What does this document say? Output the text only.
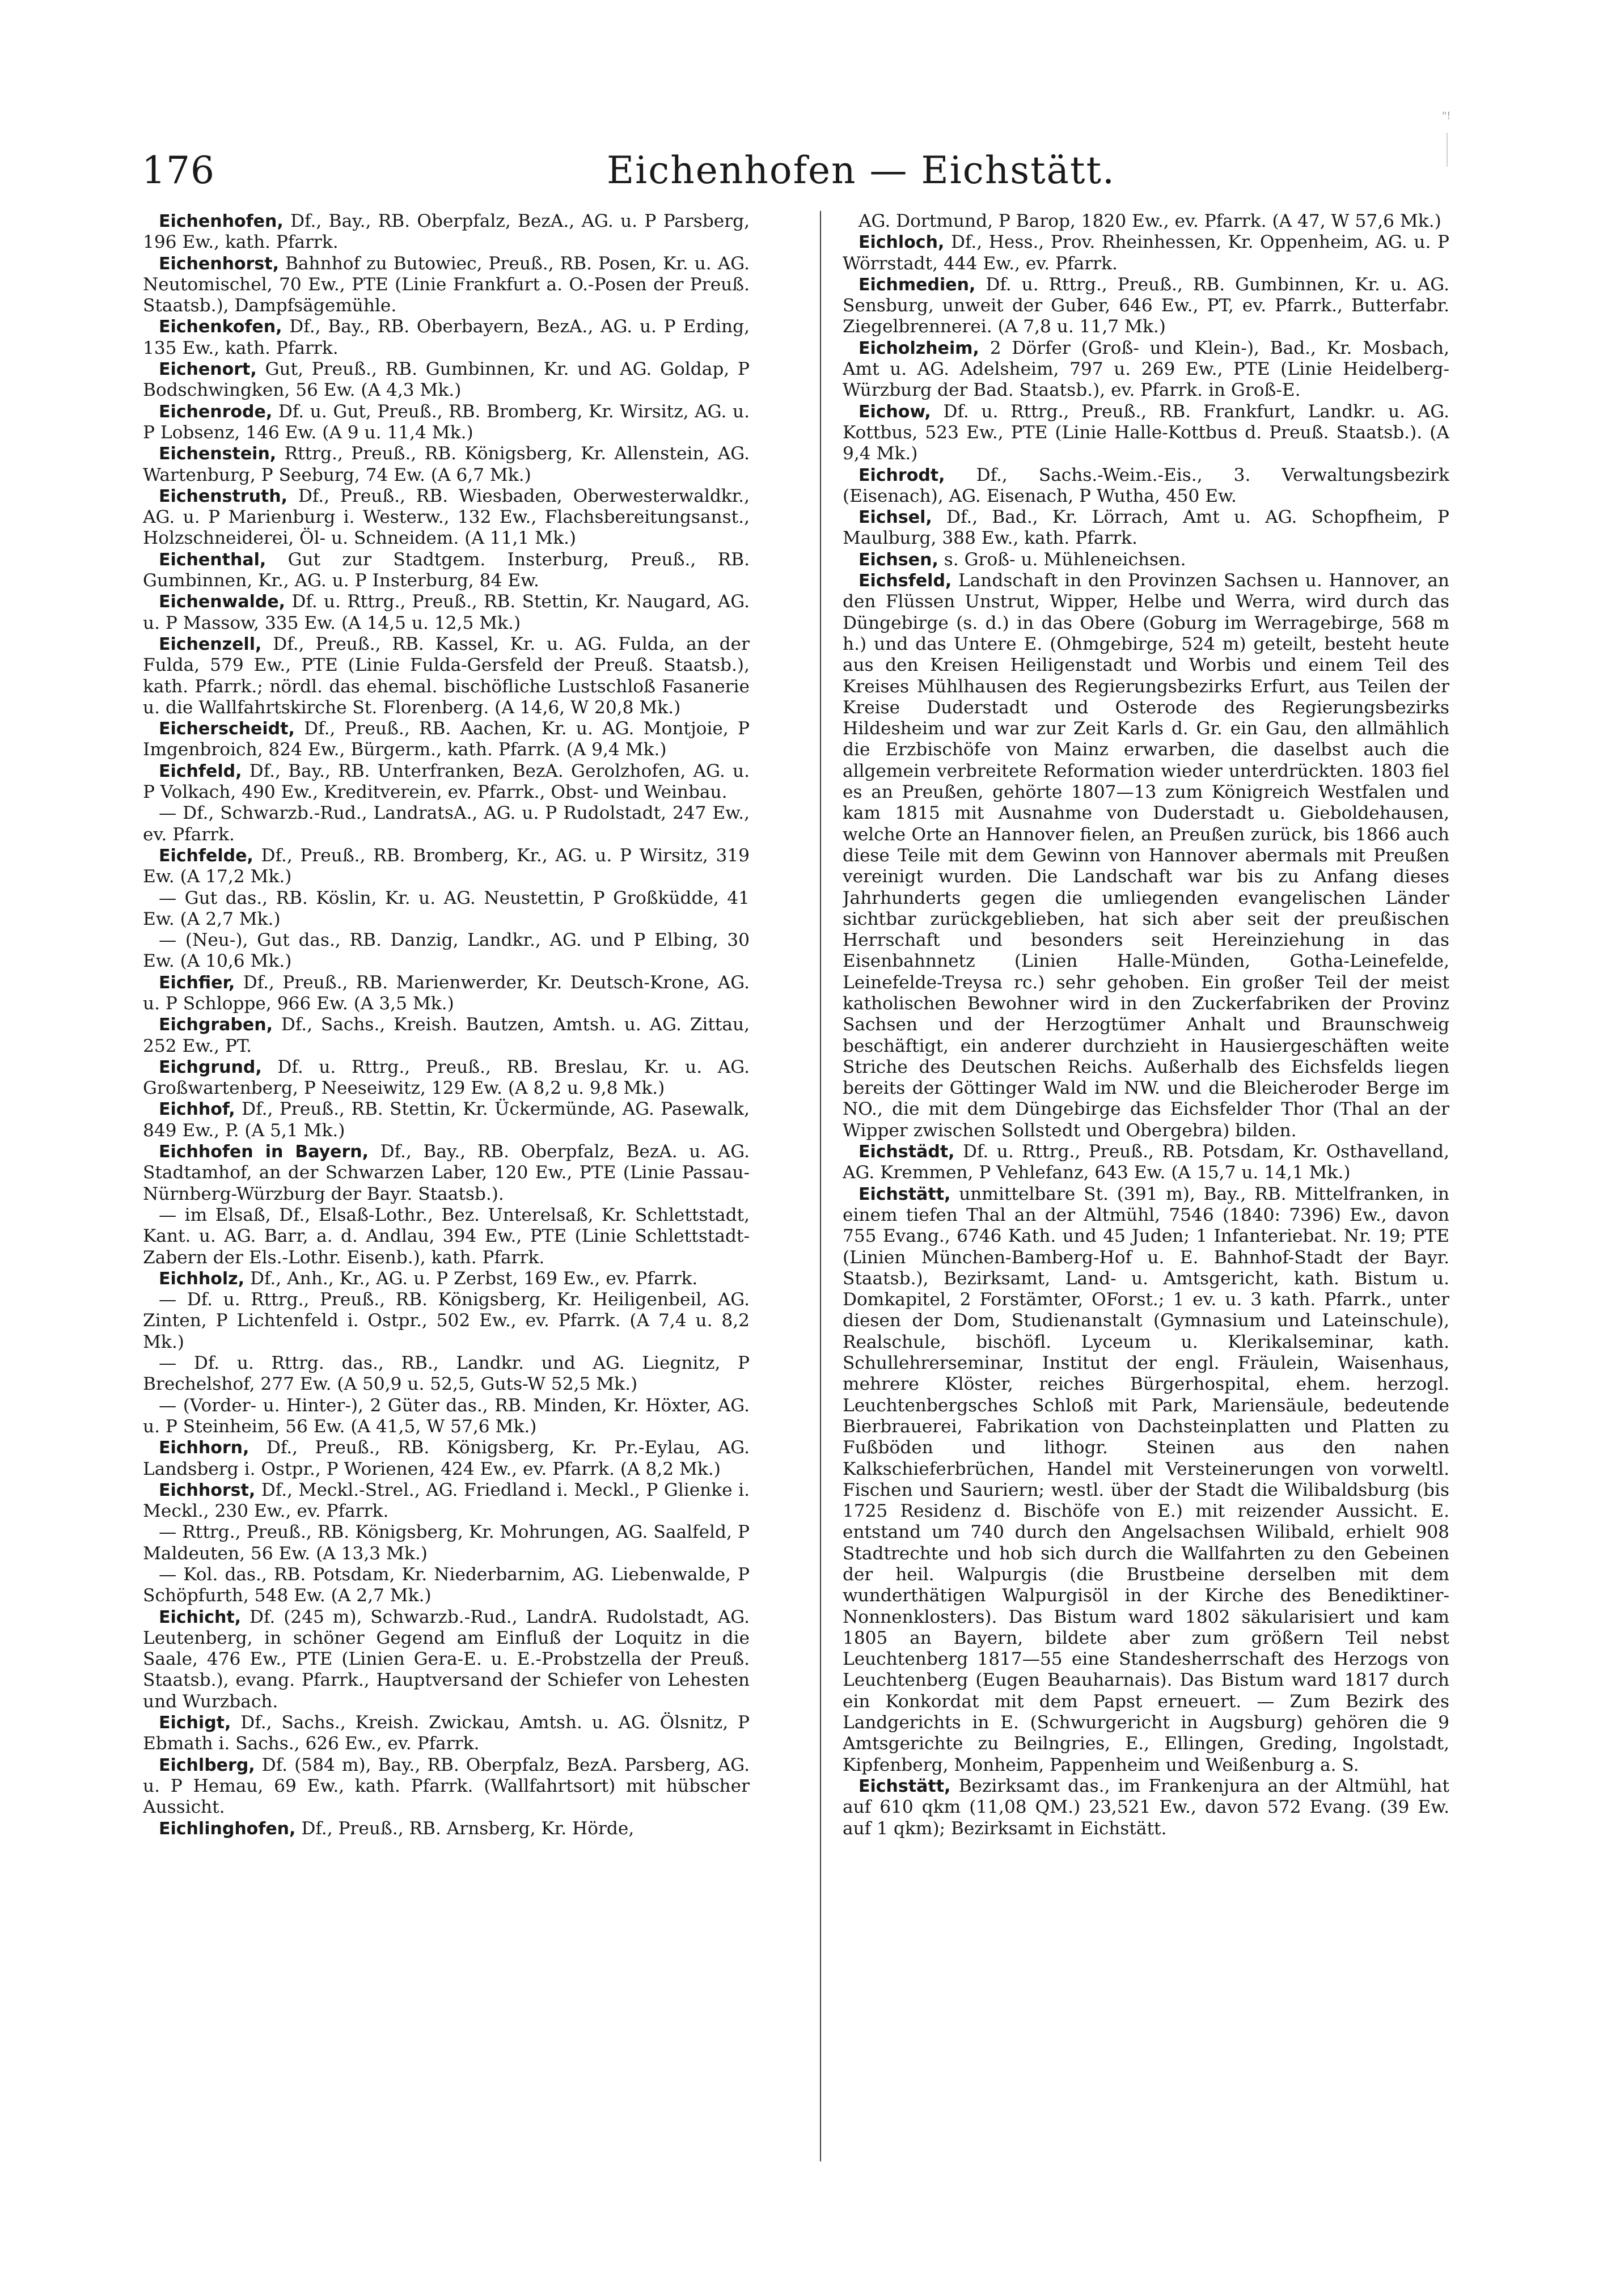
176	Eichenhofen — Eichstätt.
"!

Eichenhofen, Df., Bay., RB. Oberpfalz, BezA., AG. u. P Parsberg, 196 Ew., kath. Pfarrk.

Eichenhorst, Bahnhof zu Butowiec, Preuß., RB. Posen, Kr. u. AG. Neutomischel, 70 Ew., PTE (Linie Frankfurt a. O.-Posen der Preuß. Staatsb.), Dampfsägemühle.

Eichenkofen, Df., Bay., RB. Oberbayern, BezA., AG. u. P Erding, 135 Ew., kath. Pfarrk.

Eichenort, Gut, Preuß., RB. Gumbinnen, Kr. und AG. Goldap, P Bodschwingken, 56 Ew. (A 4,3 Mk.)

Eichenrode, Df. u. Gut, Preuß., RB. Bromberg, Kr. Wirsitz, AG. u. P Lobsenz, 146 Ew. (A 9 u. 11,4 Mk.)

Eichenstein, Rttrg., Preuß., RB. Königsberg, Kr. Allenstein, AG. Wartenburg, P Seeburg, 74 Ew. (A 6,7 Mk.)

Eichenstruth, Df., Preuß., RB. Wiesbaden, Oberwesterwaldkr., AG. u. P Marienburg i. Westerw., 132 Ew., Flachsbereitungsanst., Holzschneiderei, Öl- u. Schneidem. (A 11,1 Mk.)

Eichenthal, Gut zur Stadtgem. Insterburg, Preuß., RB. Gumbinnen, Kr., AG. u. P Insterburg, 84 Ew.

Eichenwalde, Df. u. Rttrg., Preuß., RB. Stettin, Kr. Naugard, AG. u. P Massow, 335 Ew. (A 14,5 u. 12,5 Mk.)

Eichenzell, Df., Preuß., RB. Kassel, Kr. u. AG. Fulda, an der Fulda, 579 Ew., PTE (Linie Fulda-Gersfeld der Preuß. Staatsb.), kath. Pfarrk.; nördl. das ehemal. bischöfliche Lustschloß Fasanerie u. die Wallfahrtskirche St. Florenberg. (A 14,6, W 20,8 Mk.)

Eicherscheidt, Df., Preuß., RB. Aachen, Kr. u. AG. Montjoie, P Imgenbroich, 824 Ew., Bürgerm., kath. Pfarrk. (A 9,4 Mk.)

Eichfeld, Df., Bay., RB. Unterfranken, BezA. Gerolzhofen, AG. u. P Volkach, 490 Ew., Kreditverein, ev. Pfarrk., Obst- und Weinbau.

— Df., Schwarzb.-Rud., LandratsA., AG. u. P Rudolstadt, 247 Ew., ev. Pfarrk.

Eichfelde, Df., Preuß., RB. Bromberg, Kr., AG. u. P Wirsitz, 319 Ew. (A 17,2 Mk.)

— Gut das., RB. Köslin, Kr. u. AG. Neustettin, P Großküdde, 41 Ew. (A 2,7 Mk.)

— (Neu-), Gut das., RB. Danzig, Landkr., AG. und P Elbing, 30 Ew. (A 10,6 Mk.)

Eichfier, Df., Preuß., RB. Marienwerder, Kr. Deutsch-Krone, AG. u. P Schloppe, 966 Ew. (A 3,5 Mk.)

Eichgraben, Df., Sachs., Kreish. Bautzen, Amtsh. u. AG. Zittau, 252 Ew., PT.

Eichgrund, Df. u. Rttrg., Preuß., RB. Breslau, Kr. u. AG. Großwartenberg, P Neeseiwitz, 129 Ew. (A 8,2 u. 9,8 Mk.)

Eichhof, Df., Preuß., RB. Stettin, Kr. Ückermünde, AG. Pasewalk, 849 Ew., P. (A 5,1 Mk.)

Eichhofen in Bayern, Df., Bay., RB. Oberpfalz, BezA. u. AG. Stadtamhof, an der Schwarzen Laber, 120 Ew., PTE (Linie Passau-Nürnberg-Würzburg der Bayr. Staatsb.).

— im Elsaß, Df., Elsaß-Lothr., Bez. Unterelsaß, Kr. Schlettstadt, Kant. u. AG. Barr, a. d. Andlau, 394 Ew., PTE (Linie Schlettstadt-Zabern der Els.-Lothr. Eisenb.), kath. Pfarrk.

Eichholz, Df., Anh., Kr., AG. u. P Zerbst, 169 Ew., ev. Pfarrk.

— Df. u. Rttrg., Preuß., RB. Königsberg, Kr. Heiligenbeil, AG. Zinten, P Lichtenfeld i. Ostpr., 502 Ew., ev. Pfarrk. (A 7,4 u. 8,2 Mk.)

— Df. u. Rttrg. das., RB., Landkr. und AG. Liegnitz, P Brechelshof, 277 Ew. (A 50,9 u. 52,5, Guts-W 52,5 Mk.)

— (Vorder- u. Hinter-), 2 Güter das., RB. Minden, Kr. Höxter, AG. u. P Steinheim, 56 Ew. (A 41,5, W 57,6 Mk.)

Eichhorn, Df., Preuß., RB. Königsberg, Kr. Pr.-Eylau, AG. Landsberg i. Ostpr., P Worienen, 424 Ew., ev. Pfarrk. (A 8,2 Mk.)

Eichhorst, Df., Meckl.-Strel., AG. Friedland i. Meckl., P Glienke i. Meckl., 230 Ew., ev. Pfarrk.

— Rttrg., Preuß., RB. Königsberg, Kr. Mohrungen, AG. Saalfeld, P Maldeuten, 56 Ew. (A 13,3 Mk.)

— Kol. das., RB. Potsdam, Kr. Niederbarnim, AG. Liebenwalde, P Schöpfurth, 548 Ew. (A 2,7 Mk.)

Eichicht, Df. (245 m), Schwarzb.-Rud., LandrA. Rudolstadt, AG. Leutenberg, in schöner Gegend am Einfluß der Loquitz in die Saale, 476 Ew., PTE (Linien Gera-E. u. E.-Probstzella der Preuß. Staatsb.), evang. Pfarrk., Hauptversand der Schiefer von Lehesten und Wurzbach.

Eichigt, Df., Sachs., Kreish. Zwickau, Amtsh. u. AG. Ölsnitz, P Ebmath i. Sachs., 626 Ew., ev. Pfarrk.

Eichlberg, Df. (584 m), Bay., RB. Oberpfalz, BezA. Parsberg, AG. u. P Hemau, 69 Ew., kath. Pfarrk. (Wallfahrtsort) mit hübscher Aussicht.

Eichlinghofen, Df., Preuß., RB. Arnsberg, Kr. Hörde,

AG. Dortmund, P Barop, 1820 Ew., ev. Pfarrk. (A 47, W 57,6 Mk.)

Eichloch, Df., Hess., Prov. Rheinhessen, Kr. Oppenheim, AG. u. P Wörrstadt, 444 Ew., ev. Pfarrk.

Eichmedien, Df. u. Rttrg., Preuß., RB. Gumbinnen, Kr. u. AG. Sensburg, unweit der Guber, 646 Ew., PT, ev. Pfarrk., Butterfabr. Ziegelbrennerei. (A 7,8 u. 11,7 Mk.)

Eicholzheim, 2 Dörfer (Groß- und Klein-), Bad., Kr. Mosbach, Amt u. AG. Adelsheim, 797 u. 269 Ew., PTE (Linie Heidelberg-Würzburg der Bad. Staatsb.), ev. Pfarrk. in Groß-E.

Eichow, Df. u. Rttrg., Preuß., RB. Frankfurt, Landkr. u. AG. Kottbus, 523 Ew., PTE (Linie Halle-Kottbus d. Preuß. Staatsb.). (A 9,4 Mk.)

Eichrodt, Df., Sachs.-Weim.-Eis., 3. Verwaltungsbezirk (Eisenach), AG. Eisenach, P Wutha, 450 Ew.

Eichsel, Df., Bad., Kr. Lörrach, Amt u. AG. Schopfheim, P Maulburg, 388 Ew., kath. Pfarrk.

Eichsen, s. Groß- u. Mühleneichsen.

Eichsfeld, Landschaft in den Provinzen Sachsen u. Hannover, an den Flüssen Unstrut, Wipper, Helbe und Werra, wird durch das Düngebirge (s. d.) in das Obere (Goburg im Werragebirge, 568 m h.) und das Untere E. (Ohmgebirge, 524 m) geteilt, besteht heute aus den Kreisen Heiligenstadt und Worbis und einem Teil des Kreises Mühlhausen des Regierungsbezirks Erfurt, aus Teilen der Kreise Duderstadt und Osterode des Regierungsbezirks Hildesheim und war zur Zeit Karls d. Gr. ein Gau, den allmählich die Erzbischöfe von Mainz erwarben, die daselbst auch die allgemein verbreitete Reformation wieder unterdrückten. 1803 fiel es an Preußen, gehörte 1807—13 zum Königreich Westfalen und kam 1815 mit Ausnahme von Duderstadt u. Gieboldehausen, welche Orte an Hannover fielen, an Preußen zurück, bis 1866 auch diese Teile mit dem Gewinn von Hannover abermals mit Preußen vereinigt wurden. Die Landschaft war bis zu Anfang dieses Jahrhunderts gegen die umliegenden evangelischen Länder sichtbar zurückgeblieben, hat sich aber seit der preußischen Herrschaft und besonders seit Hereinziehung in das Eisenbahnnetz (Linien Halle-Münden, Gotha-Leinefelde, Leinefelde-Treysa rc.) sehr gehoben. Ein großer Teil der meist katholischen Bewohner wird in den Zuckerfabriken der Provinz Sachsen und der Herzogtümer Anhalt und Braunschweig beschäftigt, ein anderer durchzieht in Hausiergeschäften weite Striche des Deutschen Reichs. Außerhalb des Eichsfelds liegen bereits der Göttinger Wald im NW. und die Bleicheroder Berge im NO., die mit dem Düngebirge das Eichsfelder Thor (Thal an der Wipper zwischen Sollstedt und Obergebra) bilden.

Eichstädt, Df. u. Rttrg., Preuß., RB. Potsdam, Kr. Osthavelland, AG. Kremmen, P Vehlefanz, 643 Ew. (A 15,7 u. 14,1 Mk.)

Eichstätt, unmittelbare St. (391 m), Bay., RB. Mittelfranken, in einem tiefen Thal an der Altmühl, 7546 (1840: 7396) Ew., davon 755 Evang., 6746 Kath. und 45 Juden; 1 Infanteriebat. Nr. 19; PTE (Linien München-Bamberg-Hof u. E. Bahnhof-Stadt der Bayr. Staatsb.), Bezirksamt, Land- u. Amtsgericht, kath. Bistum u. Domkapitel, 2 Forstämter, OForst.; 1 ev. u. 3 kath. Pfarrk., unter diesen der Dom, Studienanstalt (Gymnasium und Lateinschule), Realschule, bischöfl. Lyceum u. Klerikalseminar, kath. Schullehrerseminar, Institut der engl. Fräulein, Waisenhaus, mehrere Klöster, reiches Bürgerhospital, ehem. herzogl. Leuchtenbergsches Schloß mit Park, Mariensäule, bedeutende Bierbrauerei, Fabrikation von Dachsteinplatten und Platten zu Fußböden und lithogr. Steinen aus den nahen Kalkschieferbrüchen, Handel mit Versteinerungen von vorweltl. Fischen und Sauriern; westl. über der Stadt die Wilibaldsburg (bis 1725 Residenz d. Bischöfe von E.) mit reizender Aussicht. E. entstand um 740 durch den Angelsachsen Wilibald, erhielt 908 Stadtrechte und hob sich durch die Wallfahrten zu den Gebeinen der heil. Walpurgis (die Brustbeine derselben mit dem wunderthätigen Walpurgisöl in der Kirche des Benediktiner-Nonnenklosters). Das Bistum ward 1802 säkularisiert und kam 1805 an Bayern, bildete aber zum größern Teil nebst Leuchtenberg 1817—55 eine Standesherrschaft des Herzogs von Leuchtenberg (Eugen Beauharnais). Das Bistum ward 1817 durch ein Konkordat mit dem Papst erneuert. — Zum Bezirk des Landgerichts in E. (Schwurgericht in Augsburg) gehören die 9 Amtsgerichte zu Beilngries, E., Ellingen, Greding, Ingolstadt, Kipfenberg, Monheim, Pappenheim und Weißenburg a. S.

Eichstätt, Bezirksamt das., im Frankenjura an der Altmühl, hat auf 610 qkm (11,08 QM.) 23,521 Ew., davon 572 Evang. (39 Ew. auf 1 qkm); Bezirksamt in Eichstätt.
